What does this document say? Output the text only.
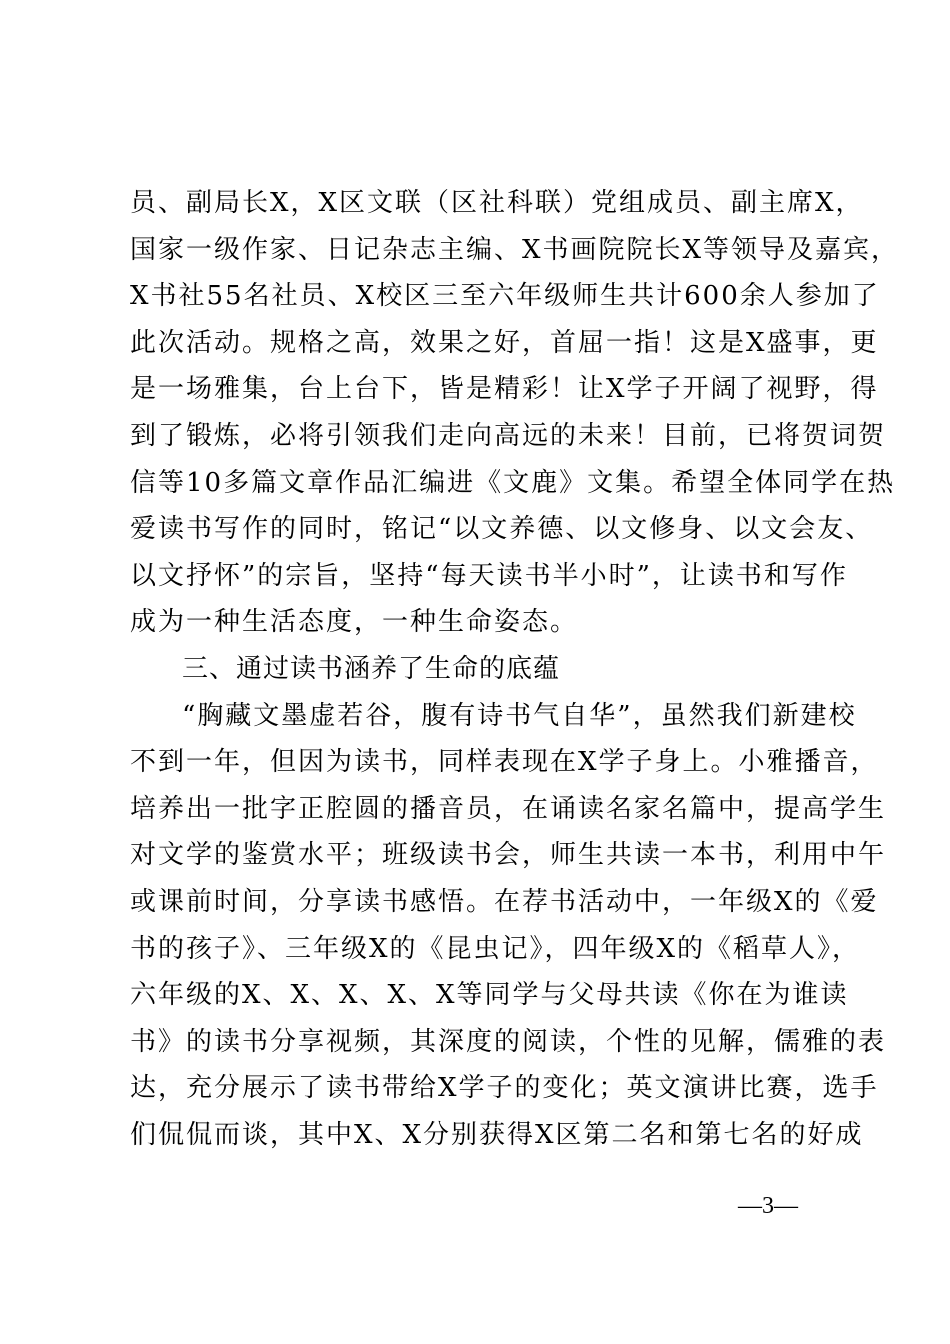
员、副局长X，X区文联（区社科联）党组成员、副主席X，
国家一级作家、日记杂志主编、X书画院院长X等领导及嘉宾，
X书社55名社员、X校区三至六年级师生共计600余人参加了
此次活动。规格之高，效果之好，首屈一指！这是X盛事，更
是一场雅集，台上台下，皆是精彩！让X学子开阔了视野，得
到了锻炼，必将引领我们走向高远的未来！目前，已将贺词贺
信等10多篇文章作品汇编进《文鹿》文集。希望全体同学在热
爱读书写作的同时，铭记“以文养德、以文修身、以文会友、
以文抒怀”的宗旨，坚持“每天读书半小时”，让读书和写作
成为一种生活态度，一种生命姿态。
三、通过读书涵养了生命的底蕴
“胸藏文墨虚若谷，腹有诗书气自华”，虽然我们新建校
不到一年，但因为读书，同样表现在X学子身上。小雅播音，
培养出一批字正腔圆的播音员，在诵读名家名篇中，提高学生
对文学的鉴赏水平；班级读书会，师生共读一本书，利用中午
或课前时间，分享读书感悟。在荐书活动中，一年级X的《爱
书的孩子》、三年级X的《昆虫记》，四年级X的《稻草人》，
六年级的X、X、X、X、X等同学与父母共读《你在为谁读
书》的读书分享视频，其深度的阅读，个性的见解，儒雅的表
达，充分展示了读书带给X学子的变化；英文演讲比赛，选手
们侃侃而谈，其中X、X分别获得X区第二名和第七名的好成
—3—
